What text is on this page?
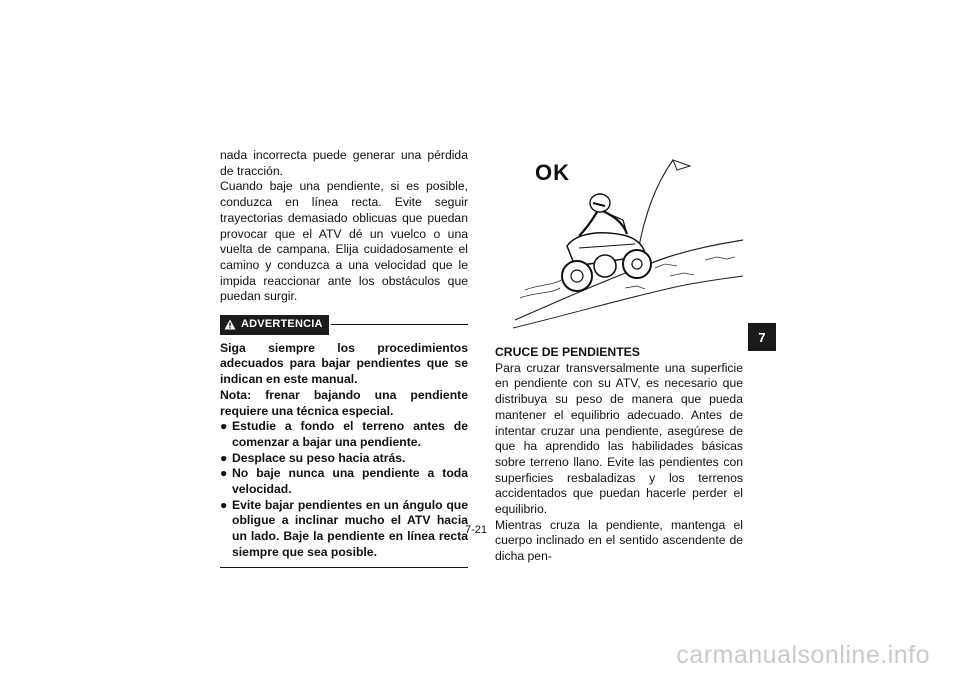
nada incorrecta puede generar una pérdida de tracción.

Cuando baje una pendiente, si es posible, conduzca en línea recta. Evite seguir trayectorias demasiado oblicuas que puedan provocar que el ATV dé un vuelco o una vuelta de campana. Elija cuidadosamente el camino y conduzca a una velocidad que le impida reaccionar ante los obstáculos que puedan surgir.

ADVERTENCIA

Siga siempre los procedimientos adecuados para bajar pendientes que se indican en este manual.

Nota: frenar bajando una pendiente requiere una técnica especial.

● Estudie a fondo el terreno antes de comenzar a bajar una pendiente.
● Desplace su peso hacia atrás.
● No baje nunca una pendiente a toda velocidad.
● Evite bajar pendientes en un ángulo que obligue a inclinar mucho el ATV hacia un lado. Baje la pendiente en línea recta siempre que sea posible.
OK

CRUCE DE PENDIENTES

Para cruzar transversalmente una superficie en pendiente con su ATV, es necesario que distribuya su peso de manera que pueda mantener el equilibrio adecuado. Antes de intentar cruzar una pendiente, asegúrese de que ha aprendido las habilidades básicas sobre terreno llano. Evite las pendientes con superficies resbaladizas y los terrenos accidentados que puedan hacerle perder el equilibrio.

Mientras cruza la pendiente, mantenga el cuerpo inclinado en el sentido ascendente de dicha pen-

7
7-21
carmanualsonline.info
